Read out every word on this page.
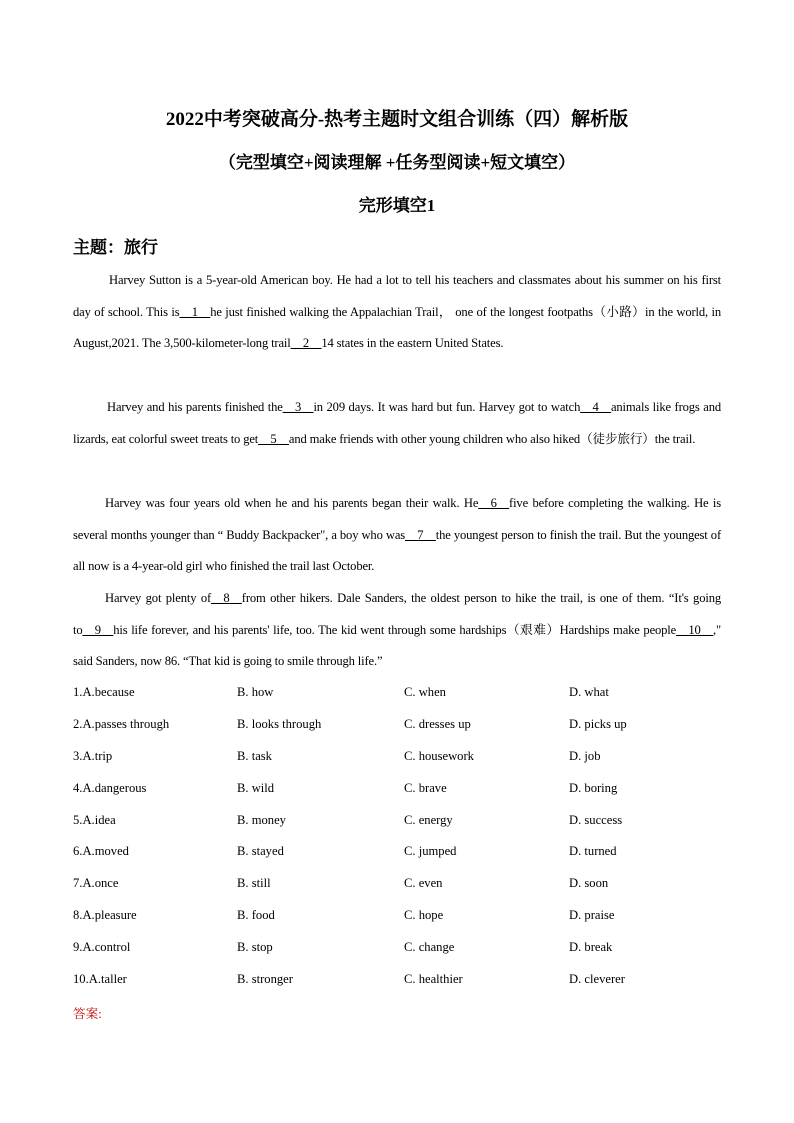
2022中考突破高分-热考主题时文组合训练（四）解析版
（完型填空+阅读理解 +任务型阅读+短文填空）
完形填空1
主题：旅行
Harvey Sutton is a 5-year-old American boy. He had a lot to tell his teachers and classmates about his summer on his first day of school. This is__1__he just finished walking the Appalachian Trail， one of the longest footpaths（小路）in the world, in August,2021. The 3,500-kilometer-long trail__2__14 states in the eastern United States.
Harvey and his parents finished the__3__in 209 days. It was hard but fun. Harvey got to watch__4__animals like frogs and lizards, eat colorful sweet treats to get__5__and make friends with other young children who also hiked（徒步旅行）the trail.
Harvey was four years old when he and his parents began their walk. He__6__five before completing the walking. He is several months younger than “ Buddy Backpacker", a boy who was__7__the youngest person to finish the trail. But the youngest of all now is a 4-year-old girl who finished the trail last October.
Harvey got plenty of__8__from other hikers. Dale Sanders, the oldest person to hike the trail, is one of them. “It's going to__9__his life forever, and his parents' life, too. The kid went through some hardships（艰难）Hardships make people__10__," said Sanders, now 86. “That kid is going to smile through life.”
1.A.because	B. how	C. when	D. what
2.A.passes through	B. looks through	C. dresses up	D. picks up
3.A.trip	B. task	C. housework	D. job
4.A.dangerous	B. wild	C. brave	D. boring
5.A.idea	B. money	C. energy	D. success
6.A.moved	B. stayed	C. jumped	D. turned
7.A.once	B. still	C. even	D. soon
8.A.pleasure	B. food	C. hope	D. praise
9.A.control	B. stop	C. change	D. break
10.A.taller	B. stronger	C. healthier	D. cleverer
答案:
